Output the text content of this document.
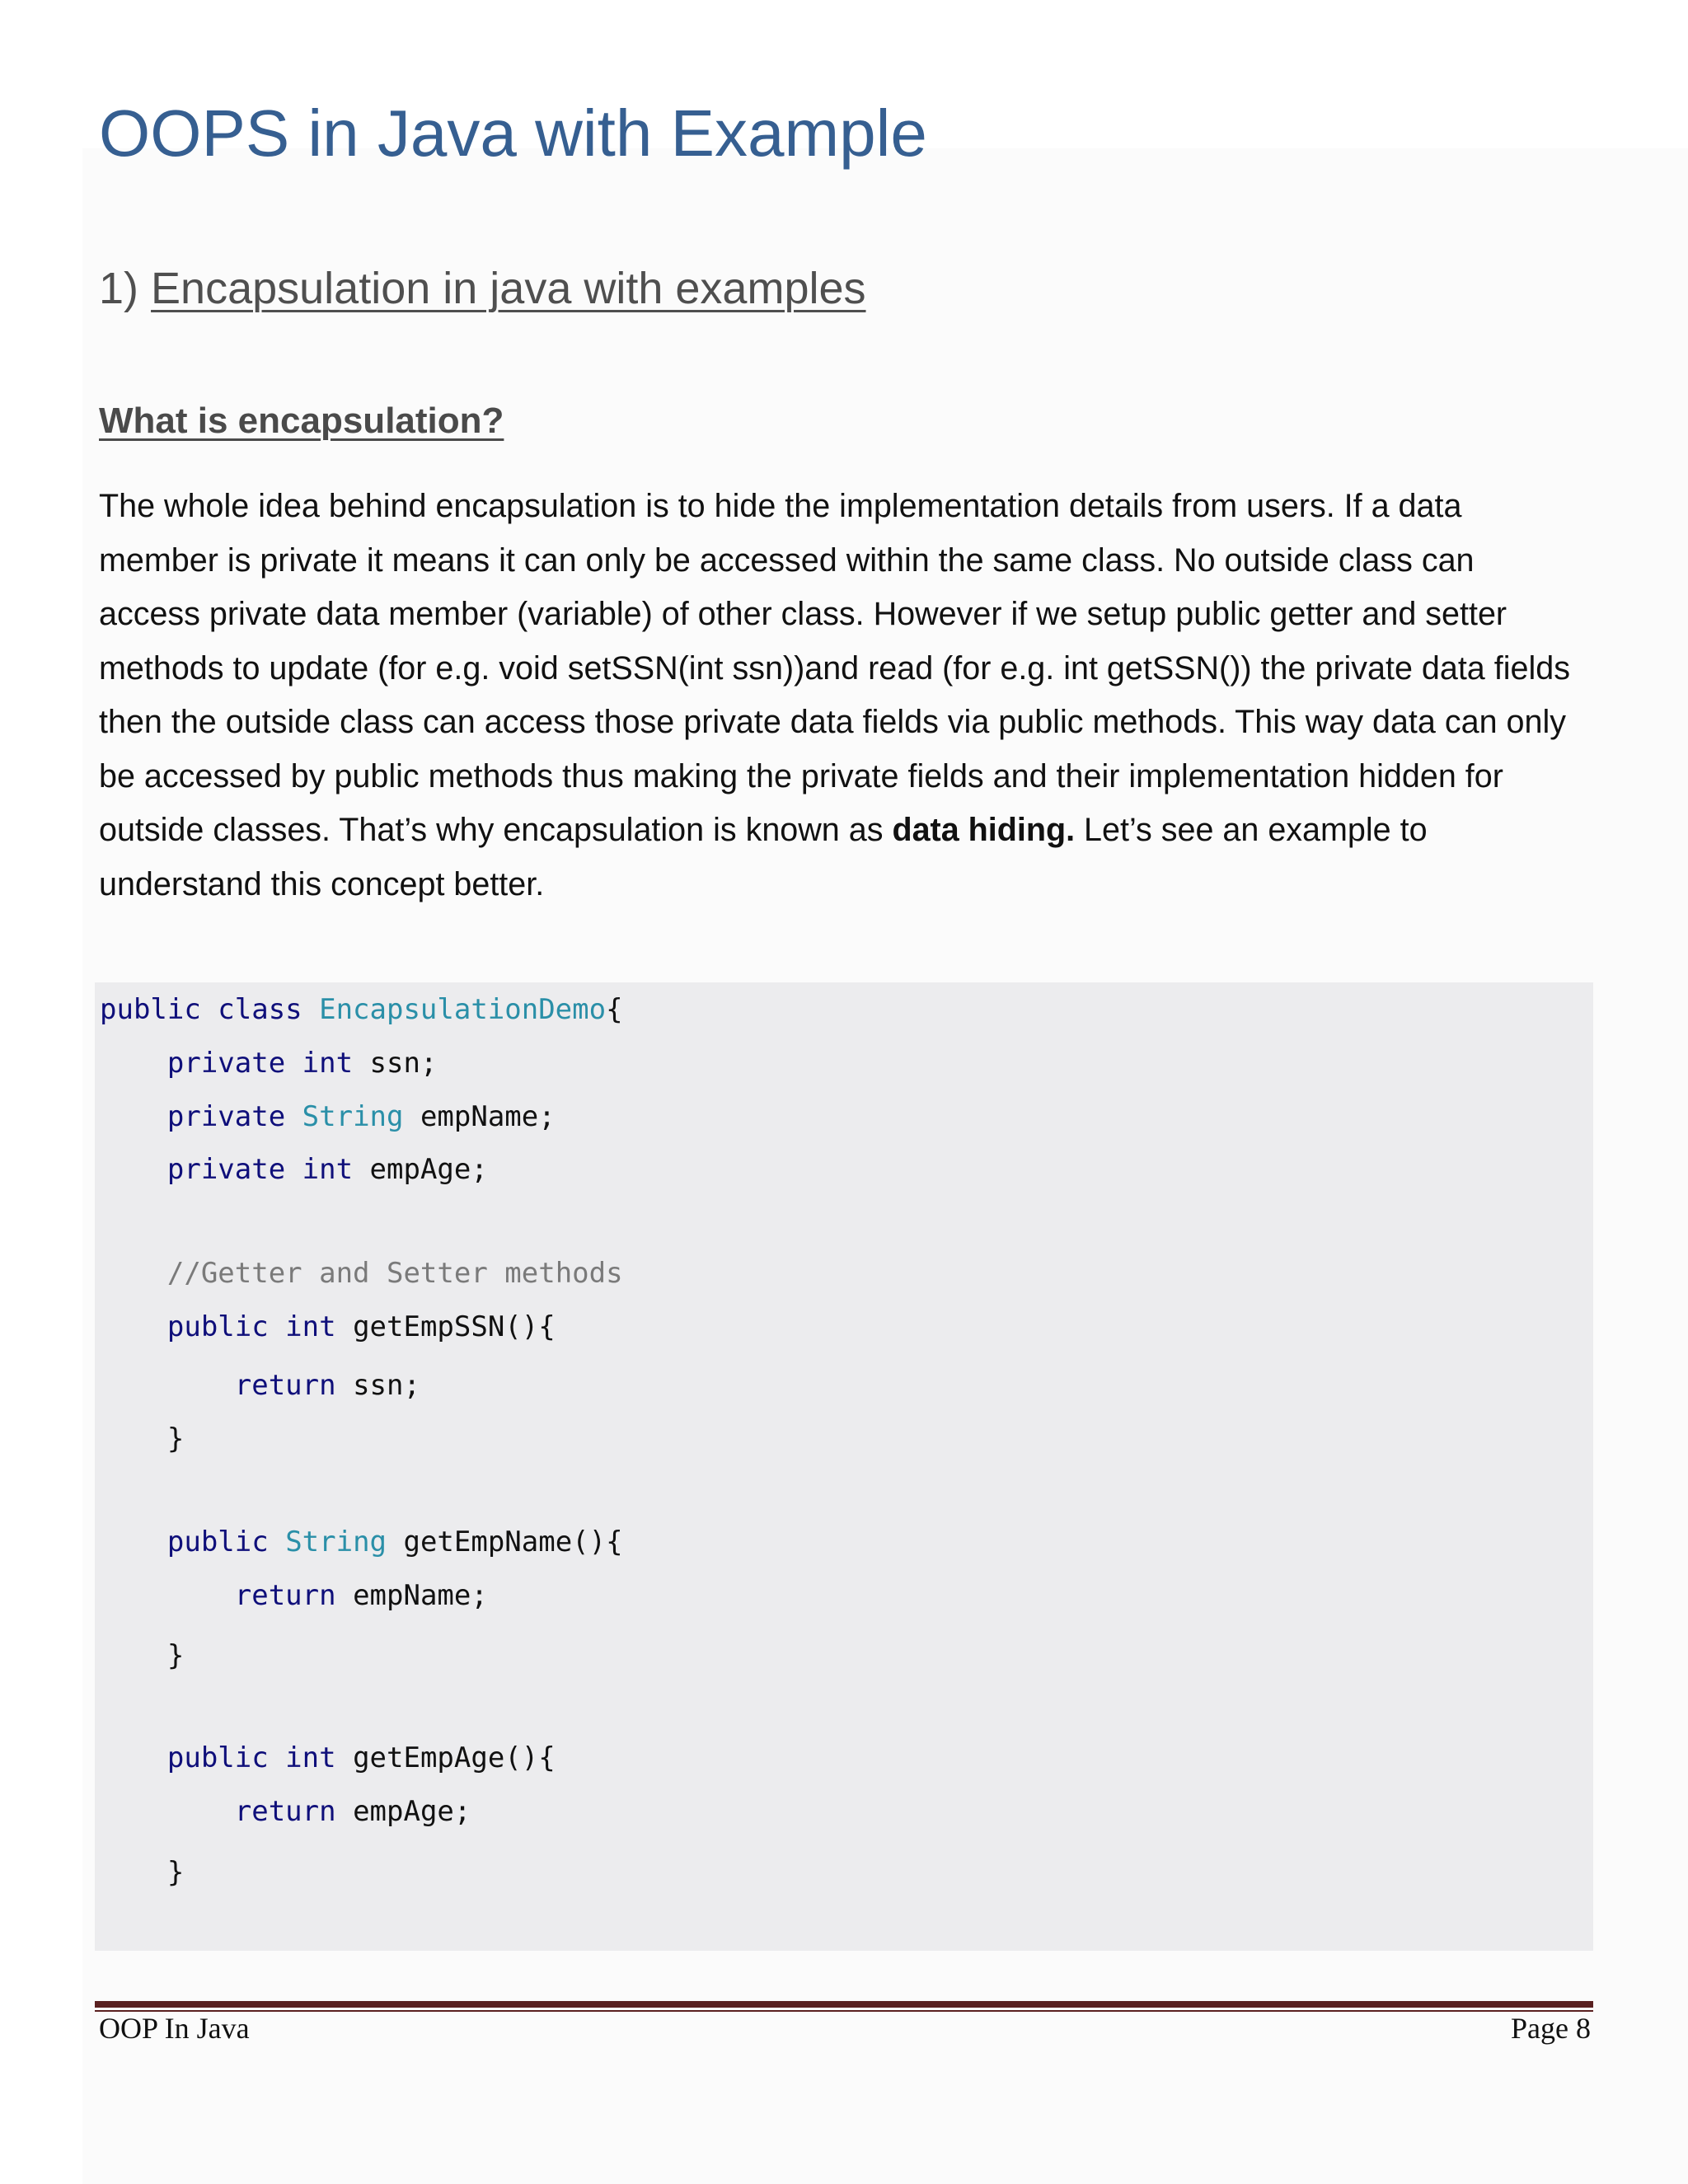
OOPS in Java with Example
1) Encapsulation in java with examples
What is encapsulation?

The whole idea behind encapsulation is to hide the implementation details from users. If a data member is private it means it can only be accessed within the same class. No outside class can access private data member (variable) of other class. However if we setup public getter and setter methods to update (for e.g. void setSSN(int ssn))and read (for e.g. int getSSN()) the private data fields then the outside class can access those private data fields via public methods. This way data can only be accessed by public methods thus making the private fields and their implementation hidden for outside classes. That’s why encapsulation is known as data hiding. Let’s see an example to understand this concept better.

public class EncapsulationDemo{
private int ssn;
private String empName;
private int empAge;
//Getter and Setter methods
public int getEmpSSN(){
return ssn;
}
public String getEmpName(){
return empName;
}
public int getEmpAge(){
return empAge;
}
OOP In Java	Page 8
